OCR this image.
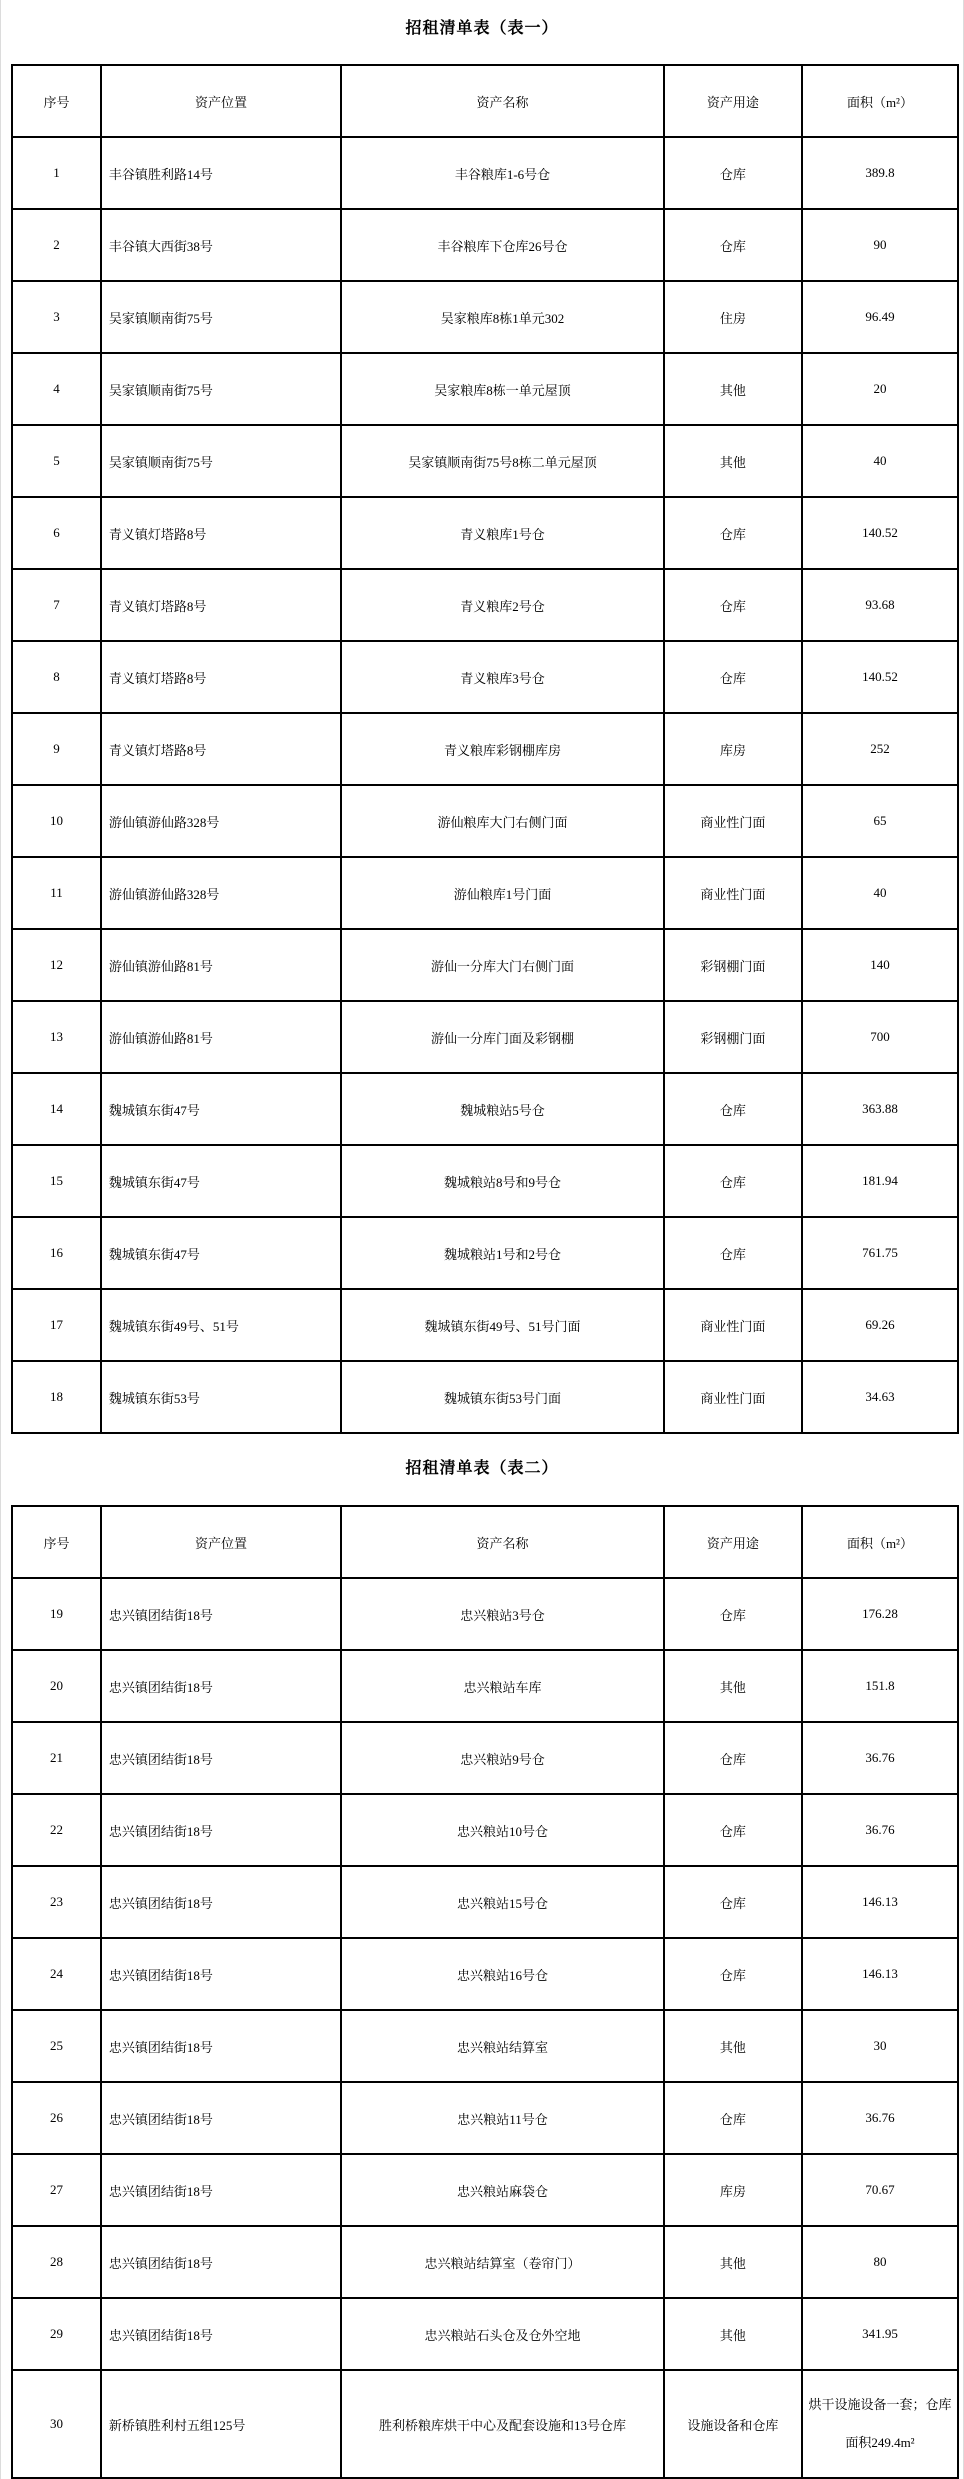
招租清单表（表一）
序号	资产位置	资产名称	资产用途	面积（m²）
1	丰谷镇胜利路14号	丰谷粮库1-6号仓	仓库	389.8
2	丰谷镇大西街38号	丰谷粮库下仓库26号仓	仓库	90
3	吴家镇顺南街75号	吴家粮库8栋1单元302	住房	96.49
4	吴家镇顺南街75号	吴家粮库8栋一单元屋顶	其他	20
5	吴家镇顺南街75号	吴家镇顺南街75号8栋二单元屋顶	其他	40
6	青义镇灯塔路8号	青义粮库1号仓	仓库	140.52
7	青义镇灯塔路8号	青义粮库2号仓	仓库	93.68
8	青义镇灯塔路8号	青义粮库3号仓	仓库	140.52
9	青义镇灯塔路8号	青义粮库彩钢棚库房	库房	252
10	游仙镇游仙路328号	游仙粮库大门右侧门面	商业性门面	65
11	游仙镇游仙路328号	游仙粮库1号门面	商业性门面	40
12	游仙镇游仙路81号	游仙一分库大门右侧门面	彩钢棚门面	140
13	游仙镇游仙路81号	游仙一分库门面及彩钢棚	彩钢棚门面	700
14	魏城镇东街47号	魏城粮站5号仓	仓库	363.88
15	魏城镇东街47号	魏城粮站8号和9号仓	仓库	181.94
16	魏城镇东街47号	魏城粮站1号和2号仓	仓库	761.75
17	魏城镇东街49号、51号	魏城镇东街49号、51号门面	商业性门面	69.26
18	魏城镇东街53号	魏城镇东街53号门面	商业性门面	34.63
招租清单表（表二）
序号	资产位置	资产名称	资产用途	面积（m²）
19	忠兴镇团结街18号	忠兴粮站3号仓	仓库	176.28
20	忠兴镇团结街18号	忠兴粮站车库	其他	151.8
21	忠兴镇团结街18号	忠兴粮站9号仓	仓库	36.76
22	忠兴镇团结街18号	忠兴粮站10号仓	仓库	36.76
23	忠兴镇团结街18号	忠兴粮站15号仓	仓库	146.13
24	忠兴镇团结街18号	忠兴粮站16号仓	仓库	146.13
25	忠兴镇团结街18号	忠兴粮站结算室	其他	30
26	忠兴镇团结街18号	忠兴粮站11号仓	仓库	36.76
27	忠兴镇团结街18号	忠兴粮站麻袋仓	库房	70.67
28	忠兴镇团结街18号	忠兴粮站结算室（卷帘门）	其他	80
29	忠兴镇团结街18号	忠兴粮站石头仓及仓外空地	其他	341.95
30	新桥镇胜利村五组125号	胜利桥粮库烘干中心及配套设施和13号仓库	设施设备和仓库	烘干设施设备一套；仓库面积249.4m²
